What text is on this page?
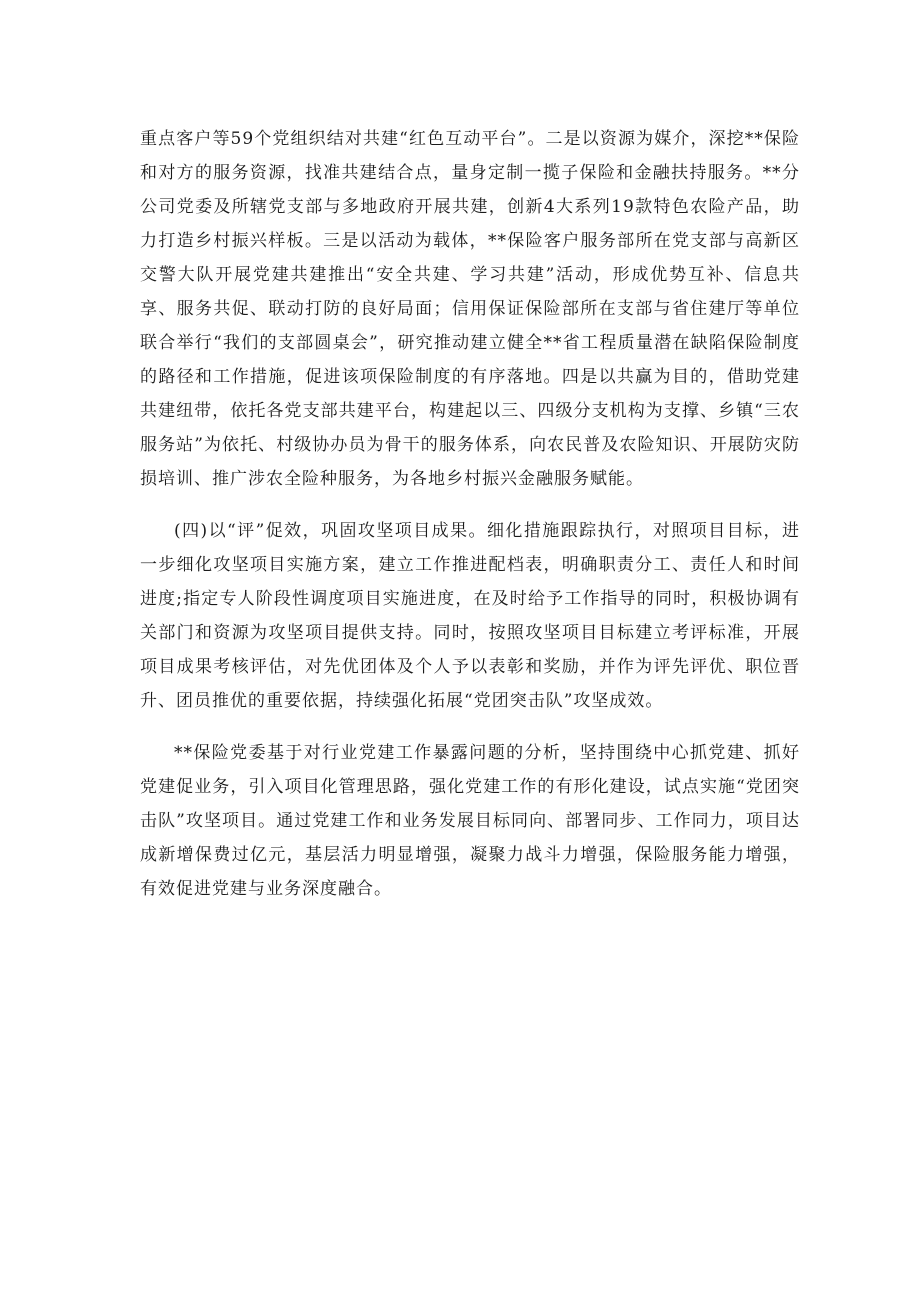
重点客户等59个党组织结对共建“红色互动平台”。二是以资源为媒介，深挖**保险和对方的服务资源，找准共建结合点，量身定制一揽子保险和金融扶持服务。**分公司党委及所辖党支部与多地政府开展共建，创新4大系列19款特色农险产品，助力打造乡村振兴样板。三是以活动为载体，**保险客户服务部所在党支部与高新区交警大队开展党建共建推出“安全共建、学习共建”活动，形成优势互补、信息共享、服务共促、联动打防的良好局面；信用保证保险部所在支部与省住建厅等单位联合举行“我们的支部圆桌会”，研究推动建立健全**省工程质量潜在缺陷保险制度的路径和工作措施，促进该项保险制度的有序落地。四是以共赢为目的，借助党建共建纽带，依托各党支部共建平台，构建起以三、四级分支机构为支撑、乡镇“三农服务站”为依托、村级协办员为骨干的服务体系，向农民普及农险知识、开展防灾防损培训、推广涉农全险种服务，为各地乡村振兴金融服务赋能。

(四)以“评”促效，巩固攻坚项目成果。细化措施跟踪执行，对照项目目标，进一步细化攻坚项目实施方案，建立工作推进配档表，明确职责分工、责任人和时间进度;指定专人阶段性调度项目实施进度，在及时给予工作指导的同时，积极协调有关部门和资源为攻坚项目提供支持。同时，按照攻坚项目目标建立考评标准，开展项目成果考核评估，对先优团体及个人予以表彰和奖励，并作为评先评优、职位晋升、团员推优的重要依据，持续强化拓展“党团突击队”攻坚成效。

**保险党委基于对行业党建工作暴露问题的分析，坚持围绕中心抓党建、抓好党建促业务，引入项目化管理思路，强化党建工作的有形化建设，试点实施“党团突击队”攻坚项目。通过党建工作和业务发展目标同向、部署同步、工作同力，项目达成新增保费过亿元，基层活力明显增强，凝聚力战斗力增强，保险服务能力增强，有效促进党建与业务深度融合。
